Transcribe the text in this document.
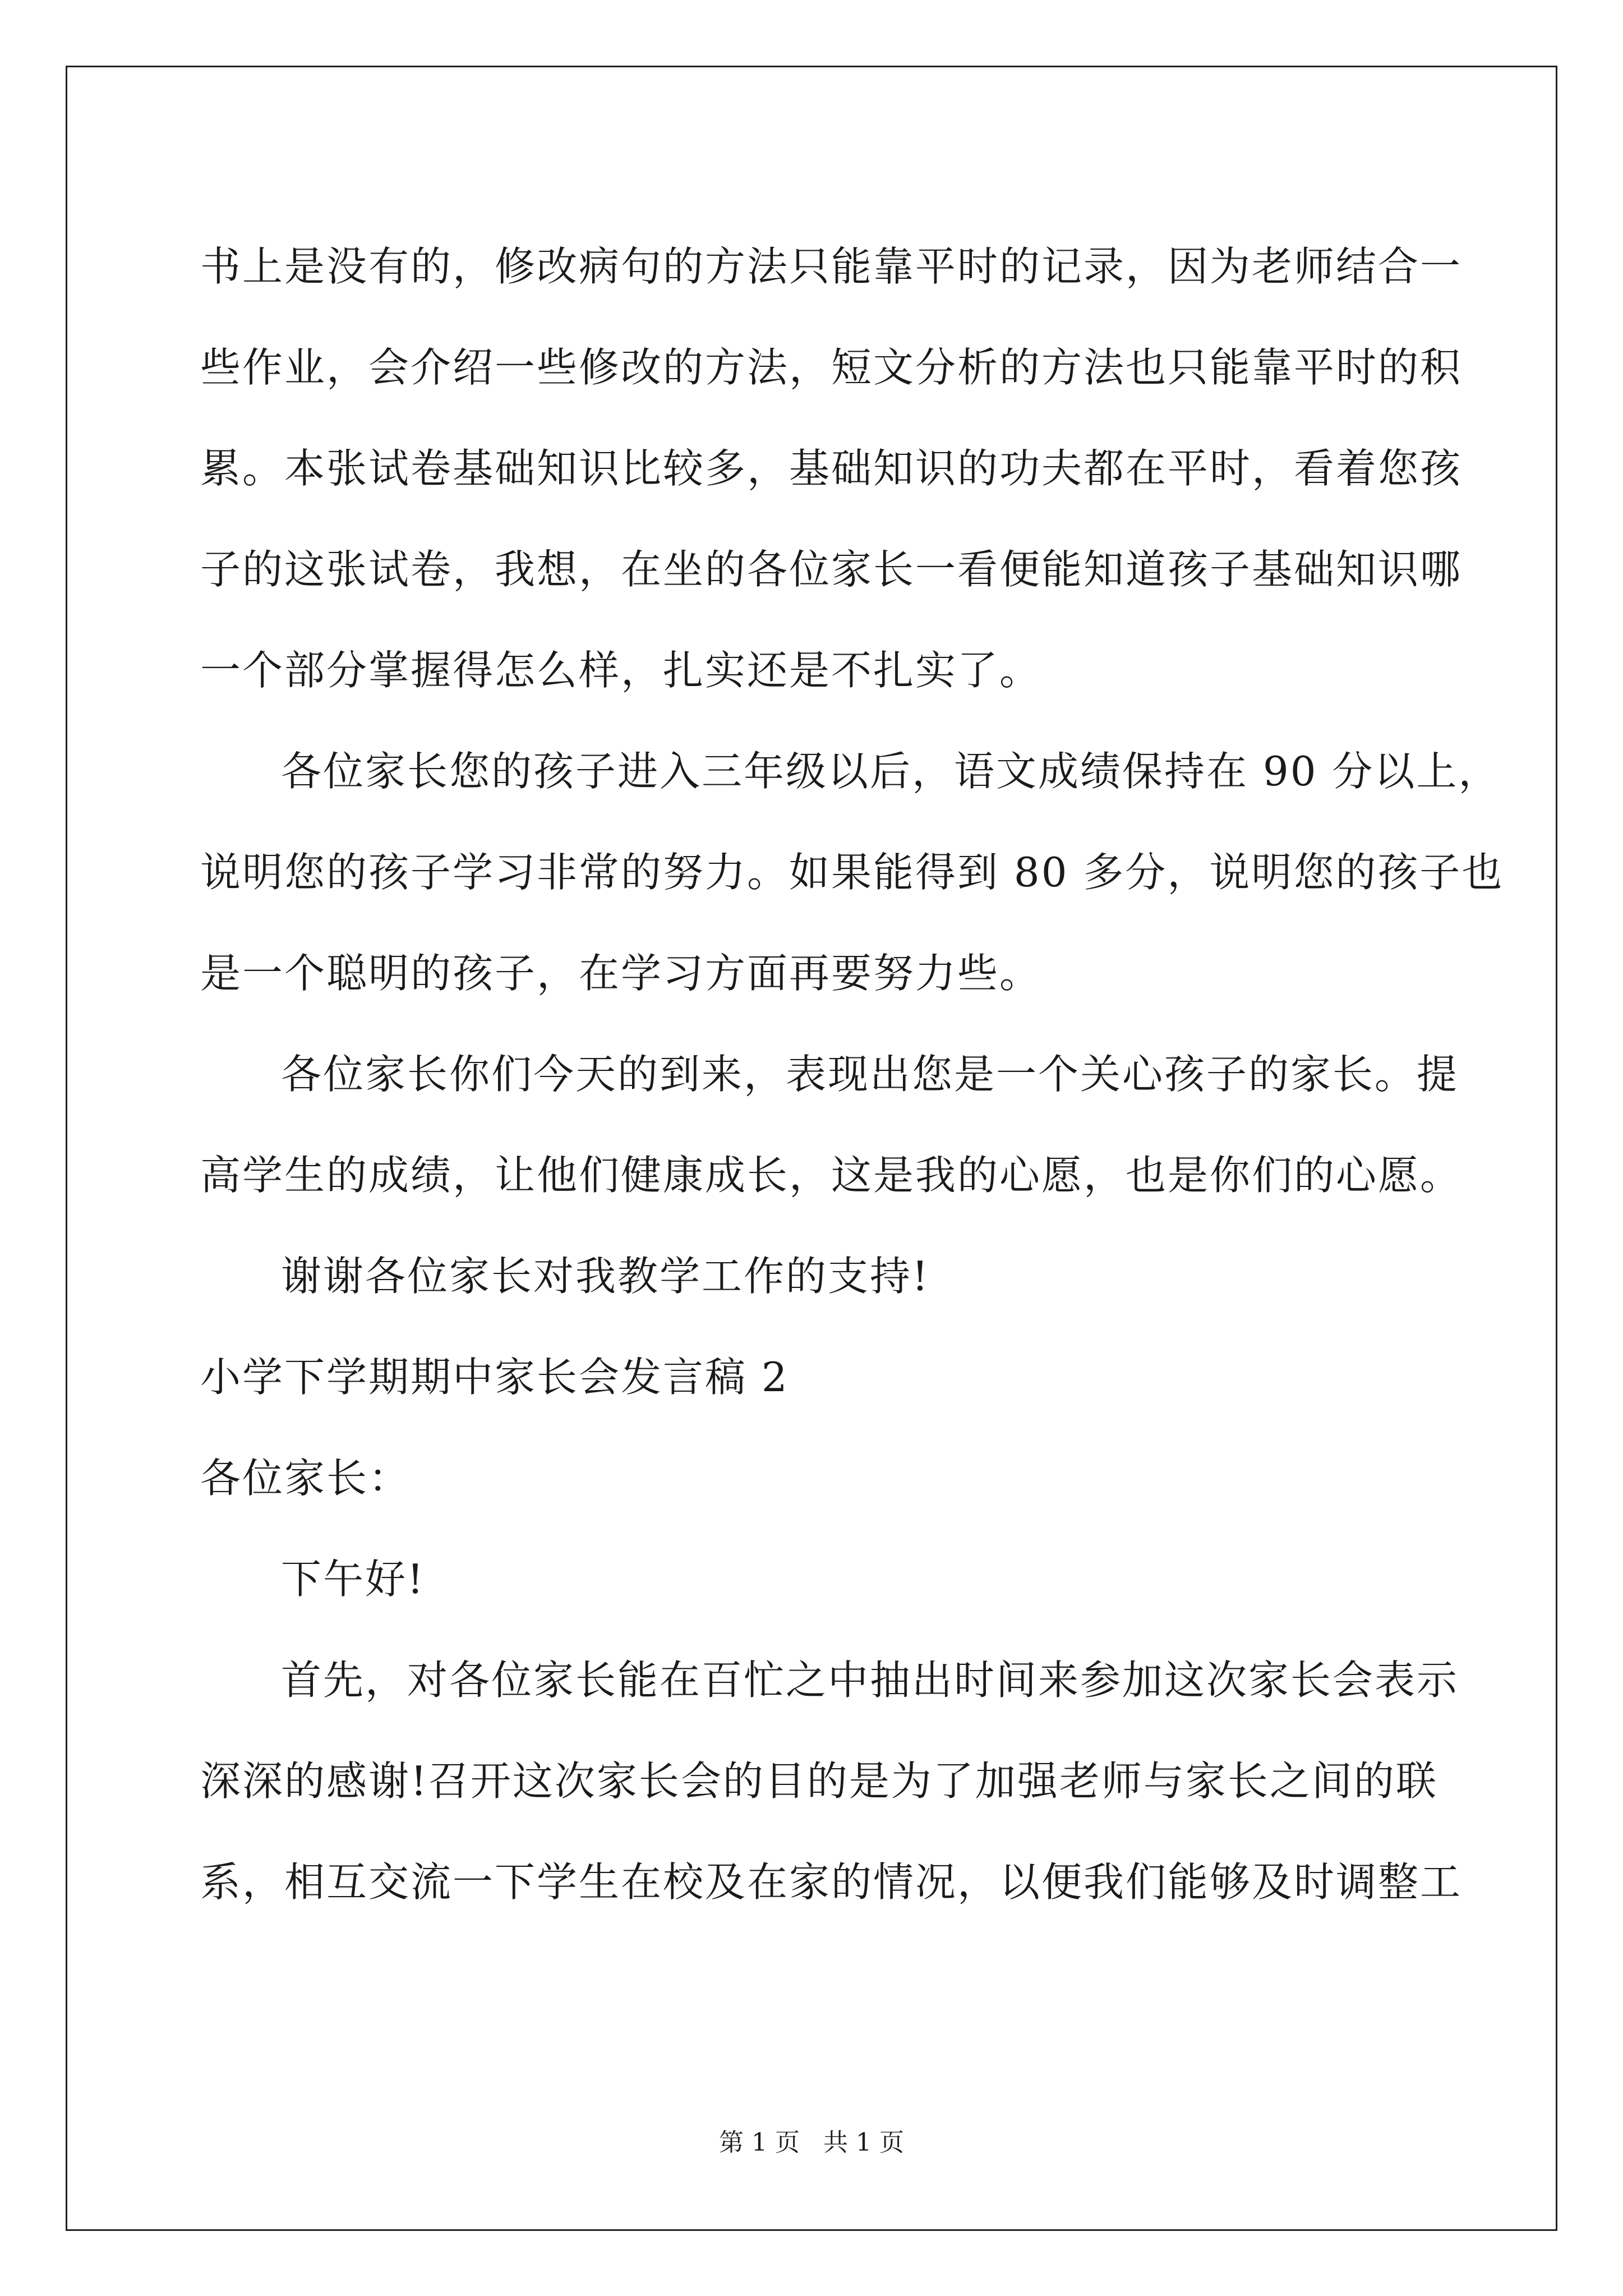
书上是没有的，修改病句的方法只能靠平时的记录，因为老师结合一
些作业，会介绍一些修改的方法，短文分析的方法也只能靠平时的积
累。本张试卷基础知识比较多，基础知识的功夫都在平时，看着您孩
子的这张试卷，我想，在坐的各位家长一看便能知道孩子基础知识哪
一个部分掌握得怎么样，扎实还是不扎实了。
各位家长您的孩子进入三年级以后，语文成绩保持在 90 分以上，
说明您的孩子学习非常的努力。如果能得到 80 多分，说明您的孩子也
是一个聪明的孩子，在学习方面再要努力些。
各位家长你们今天的到来，表现出您是一个关心孩子的家长。提
高学生的成绩，让他们健康成长，这是我的心愿，也是你们的心愿。
谢谢各位家长对我教学工作的支持!
小学下学期期中家长会发言稿 2
各位家长：
下午好!
首先，对各位家长能在百忙之中抽出时间来参加这次家长会表示
深深的感谢!召开这次家长会的目的是为了加强老师与家长之间的联
系，相互交流一下学生在校及在家的情况，以便我们能够及时调整工
第 1 页   共 1 页
